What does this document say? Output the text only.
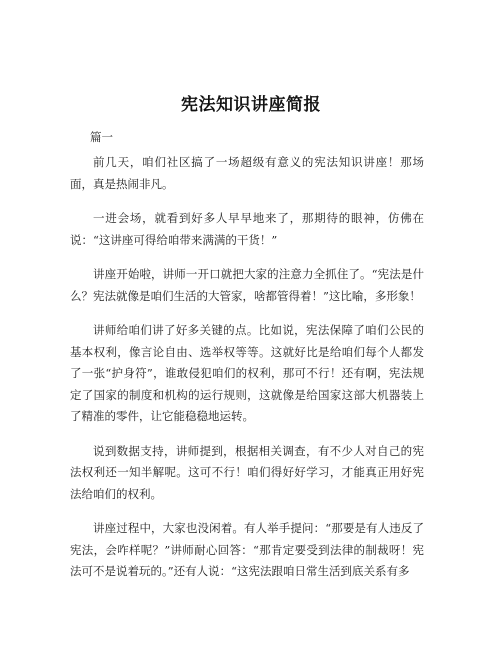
宪法知识讲座简报

篇一

前几天，咱们社区搞了一场超级有意义的宪法知识讲座！那场面，真是热闹非凡。

一进会场，就看到好多人早早地来了，那期待的眼神，仿佛在说：“这讲座可得给咱带来满满的干货！”

讲座开始啦，讲师一开口就把大家的注意力全抓住了。“宪法是什么？宪法就像是咱们生活的大管家，啥都管得着！”这比喻，多形象！

讲师给咱们讲了好多关键的点。比如说，宪法保障了咱们公民的基本权利，像言论自由、选举权等等。这就好比是给咱们每个人都发了一张“护身符”，谁敢侵犯咱们的权利，那可不行！还有啊，宪法规定了国家的制度和机构的运行规则，这就像是给国家这部大机器装上了精准的零件，让它能稳稳地运转。

说到数据支持，讲师提到，根据相关调查，有不少人对自己的宪法权利还一知半解呢。这可不行！咱们得好好学习，才能真正用好宪法给咱们的权利。

讲座过程中，大家也没闲着。有人举手提问：“那要是有人违反了宪法，会咋样呢？”讲师耐心回答：“那肯定要受到法律的制裁呀！宪法可不是说着玩的。”还有人说：“这宪法跟咱日常生活到底关系有多
